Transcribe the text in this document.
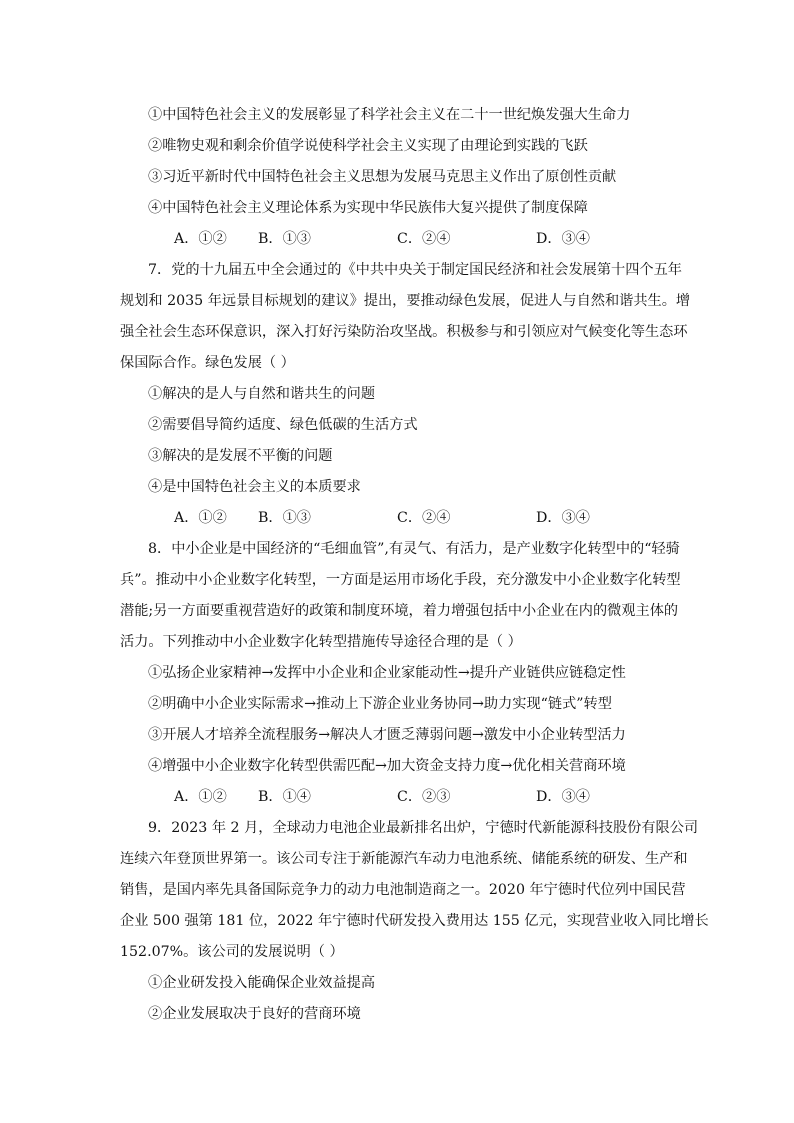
①中国特色社会主义的发展彰显了科学社会主义在二十一世纪焕发强大生命力
②唯物史观和剩余价值学说使科学社会主义实现了由理论到实践的飞跃
③习近平新时代中国特色社会主义思想为发展马克思主义作出了原创性贡献
④中国特色社会主义理论体系为实现中华民族伟大复兴提供了制度保障
A．①② B．①③	C．②④	D．③④
7．党的十九届五中全会通过的《中共中央关于制定国民经济和社会发展第十四个五年
规划和 2035 年远景目标规划的建议》提出，要推动绿色发展，促进人与自然和谐共生。增
强全社会生态环保意识，深入打好污染防治攻坚战。积极参与和引领应对气候变化等生态环
保国际合作。绿色发展（ ）
①解决的是人与自然和谐共生的问题
②需要倡导简约适度、绿色低碳的生活方式
③解决的是发展不平衡的问题
④是中国特色社会主义的本质要求
A．①② B．①③	C．②④	D．③④
8．中小企业是中国经济的“毛细血管”,有灵气、有活力，是产业数字化转型中的“轻骑
兵”。推动中小企业数字化转型，一方面是运用市场化手段，充分激发中小企业数字化转型
潜能;另一方面要重视营造好的政策和制度环境，着力增强包括中小企业在内的微观主体的
活力。下列推动中小企业数字化转型措施传导途径合理的是（ ）
①弘扬企业家精神→发挥中小企业和企业家能动性→提升产业链供应链稳定性
②明确中小企业实际需求→推动上下游企业业务协同→助力实现“链式”转型
③开展人才培养全流程服务→解决人才匮乏薄弱问题→激发中小企业转型活力
④增强中小企业数字化转型供需匹配→加大资金支持力度→优化相关营商环境
A．①② B．①④	C．②③	D．③④
9．2023 年 2 月，全球动力电池企业最新排名出炉，宁德时代新能源科技股份有限公司
连续六年登顶世界第一。该公司专注于新能源汽车动力电池系统、储能系统的研发、生产和
销售，是国内率先具备国际竞争力的动力电池制造商之一。2020 年宁德时代位列中国民营
企业 500 强第 181 位，2022 年宁德时代研发投入费用达 155 亿元，实现营业收入同比增长
152.07%。该公司的发展说明（ ）
①企业研发投入能确保企业效益提高
②企业发展取决于良好的营商环境
